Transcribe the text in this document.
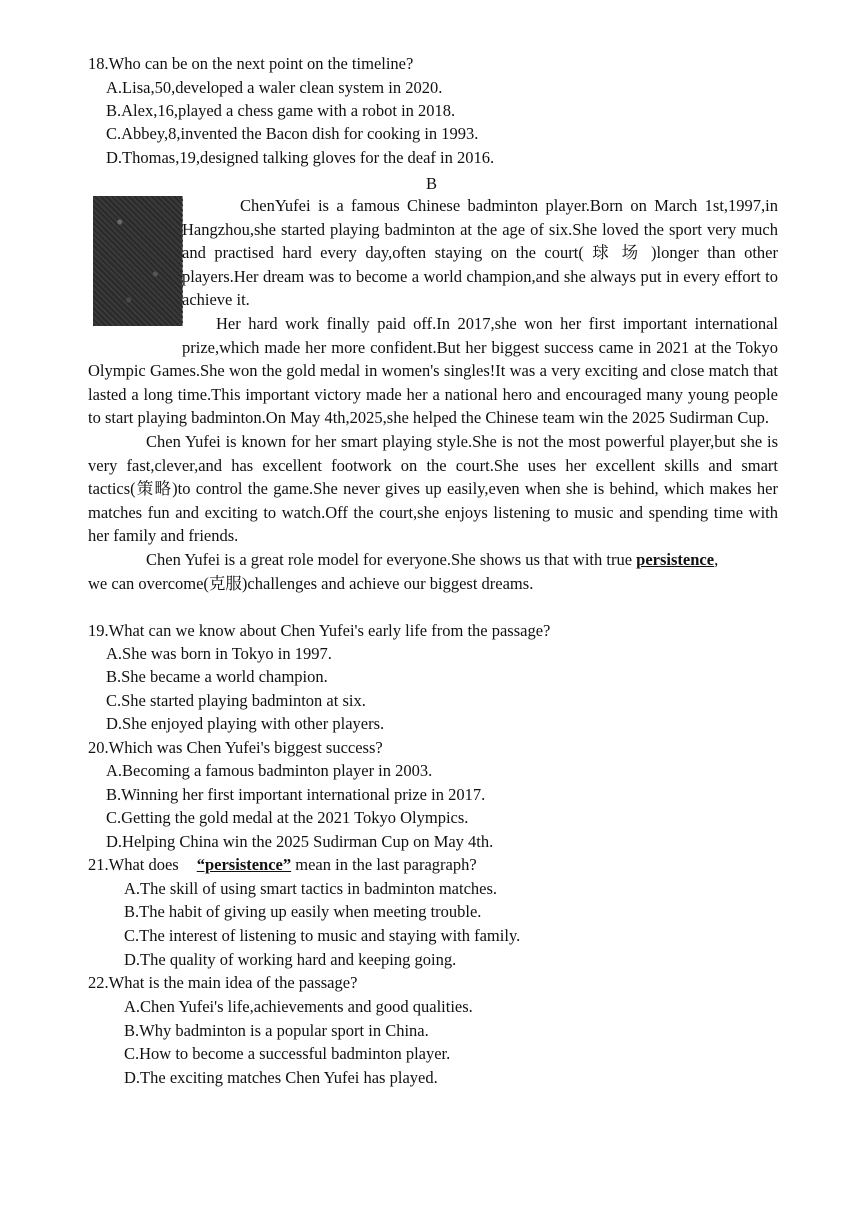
18.Who can be on the next point on the timeline?
A.Lisa,50,developed a waler clean system in 2020.
B.Alex,16,played a chess game with a robot in 2018.
C.Abbey,8,invented the Bacon dish for cooking in 1993.
D.Thomas,19,designed talking gloves for the deaf in 2016.
B
ChenYufei is a famous Chinese badminton player.Born on March 1st,1997,in Hangzhou,she started playing badminton at the age of six.She loved the sport very much and practised hard every day,often staying on the court( 球 场 )longer than other players.Her dream was to become a world champion,and she always put in every effort to achieve it.
Her hard work finally paid off.In 2017,she won her first important international prize,which made her more confident.But her biggest success came in 2021 at the Tokyo Olympic Games.She won the gold medal in women's singles!It was a very exciting and close match that lasted a long time.This important victory made her a national hero and encouraged many young people to start playing badminton.On May 4th,2025,she helped the Chinese team win the 2025 Sudirman Cup.
Chen Yufei is known for her smart playing style.She is not the most powerful player,but she is very fast,clever,and has excellent footwork on the court.She uses her excellent skills and smart tactics(策略)to control the game.She never gives up easily,even when she is behind, which makes her matches fun and exciting to watch.Off the court,she enjoys listening to music and spending time with her family and friends.
Chen Yufei is a great role model for everyone.She shows us that with true persistence,
we can overcome(克服)challenges and achieve our biggest dreams.
19.What can we know about Chen Yufei's early life from the passage?
A.She was born in Tokyo in 1997.
B.She became a world champion.
C.She started playing badminton at six.
D.She enjoyed playing with other players.
20.Which was Chen Yufei's biggest success?
A.Becoming a famous badminton player in 2003.
B.Winning her first important international prize in 2017.
C.Getting the gold medal at the 2021 Tokyo Olympics.
D.Helping China win the 2025 Sudirman Cup on May 4th.
21.What does “persistence” mean in the last paragraph?
A.The skill of using smart tactics in badminton matches.
B.The habit of giving up easily when meeting trouble.
C.The interest of listening to music and staying with family.
D.The quality of working hard and keeping going.
22.What is the main idea of the passage?
A.Chen Yufei's life,achievements and good qualities.
B.Why badminton is a popular sport in China.
C.How to become a successful badminton player.
D.The exciting matches Chen Yufei has played.
